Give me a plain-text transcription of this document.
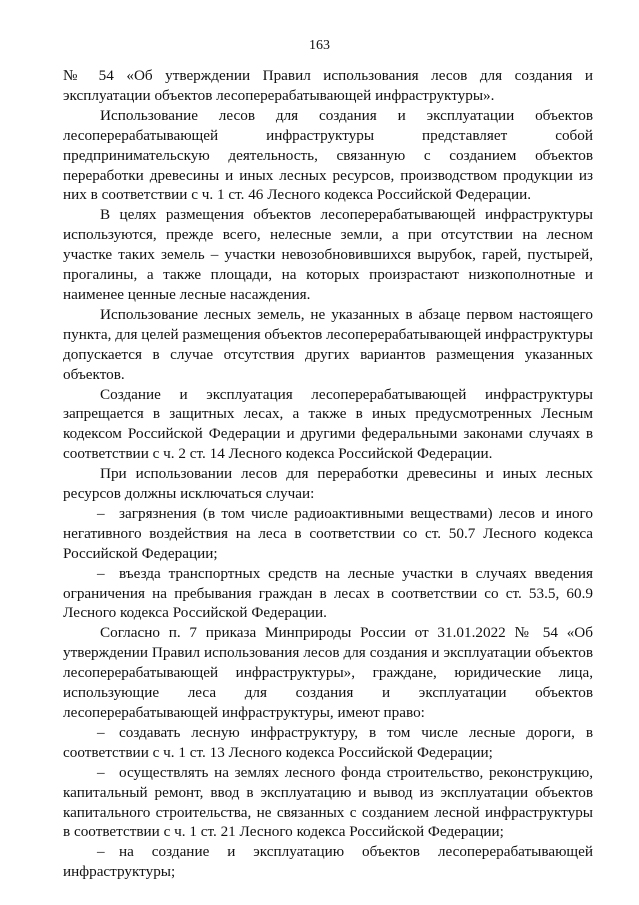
163

№ 54 «Об утверждении Правил использования лесов для создания и эксплуатации объектов лесоперерабатывающей инфраструктуры».

Использование лесов для создания и эксплуатации объектов лесоперерабатывающей инфраструктуры представляет собой предпринимательскую деятельность, связанную с созданием объектов переработки древесины и иных лесных ресурсов, производством продукции из них в соответствии с ч. 1 ст. 46 Лесного кодекса Российской Федерации.

В целях размещения объектов лесоперерабатывающей инфраструктуры используются, прежде всего, нелесные земли, а при отсутствии на лесном участке таких земель – участки невозобновившихся вырубок, гарей, пустырей, прогалины, а также площади, на которых произрастают низкополнотные и наименее ценные лесные насаждения.

Использование лесных земель, не указанных в абзаце первом настоящего пункта, для целей размещения объектов лесоперерабатывающей инфраструктуры допускается в случае отсутствия других вариантов размещения указанных объектов.

Создание и эксплуатация лесоперерабатывающей инфраструктуры запрещается в защитных лесах, а также в иных предусмотренных Лесным кодексом Российской Федерации и другими федеральными законами случаях в соответствии с ч. 2 ст. 14 Лесного кодекса Российской Федерации.

При использовании лесов для переработки древесины и иных лесных ресурсов должны исключаться случаи:

– загрязнения (в том числе радиоактивными веществами) лесов и иного негативного воздействия на леса в соответствии со ст. 50.7 Лесного кодекса Российской Федерации;

– въезда транспортных средств на лесные участки в случаях введения ограничения на пребывания граждан в лесах в соответствии со ст. 53.5, 60.9 Лесного кодекса Российской Федерации.

Согласно п. 7 приказа Минприроды России от 31.01.2022 № 54 «Об утверждении Правил использования лесов для создания и эксплуатации объектов лесоперерабатывающей инфраструктуры», граждане, юридические лица, использующие леса для создания и эксплуатации объектов лесоперерабатывающей инфраструктуры, имеют право:

– создавать лесную инфраструктуру, в том числе лесные дороги, в соответствии с ч. 1 ст. 13 Лесного кодекса Российской Федерации;

– осуществлять на землях лесного фонда строительство, реконструкцию, капитальный ремонт, ввод в эксплуатацию и вывод из эксплуатации объектов капитального строительства, не связанных с созданием лесной инфраструктуры в соответствии с ч. 1 ст. 21 Лесного кодекса Российской Федерации;

– на создание и эксплуатацию объектов лесоперерабатывающей инфраструктуры;
